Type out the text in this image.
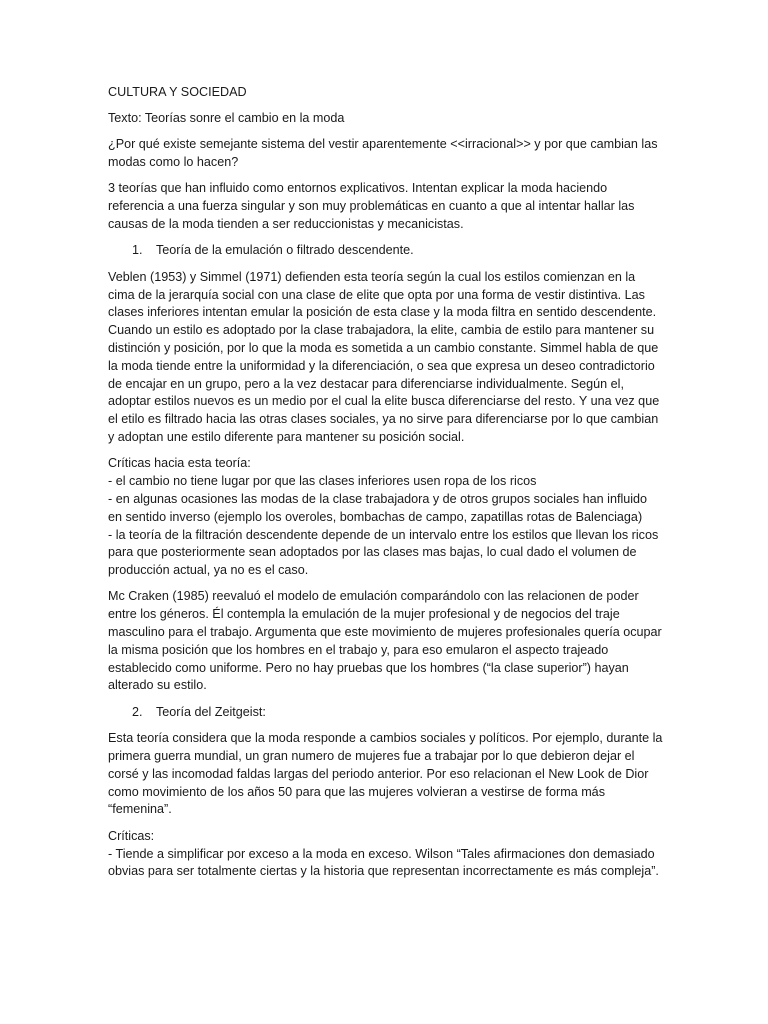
CULTURA Y SOCIEDAD

Texto: Teorías sonre el cambio en la moda

¿Por qué existe semejante sistema del vestir aparentemente <<irracional>> y por que cambian las modas como lo hacen?

3 teorías que han influido como entornos explicativos. Intentan explicar la moda haciendo referencia a una fuerza singular y son muy problemáticas en cuanto a que al intentar hallar las causas de la moda tienden a ser reduccionistas y mecanicistas.

1.	Teoría de la emulación o filtrado descendente.

Veblen (1953) y Simmel (1971) defienden esta teoría según la cual los estilos comienzan en la cima de la jerarquía social con una clase de elite que opta por una forma de vestir distintiva. Las clases inferiores intentan emular la posición de esta clase y la moda filtra en sentido descendente. Cuando un estilo es adoptado por la clase trabajadora, la elite, cambia de estilo para mantener su distinción y posición, por lo que la moda es sometida a un cambio constante. Simmel habla de que la moda tiende entre la uniformidad y la diferenciación, o sea que expresa un deseo contradictorio de encajar en un grupo, pero a la vez destacar para diferenciarse individualmente. Según el, adoptar estilos nuevos es un medio por el cual la elite busca diferenciarse del resto. Y una vez que el etilo es filtrado hacia las otras clases sociales, ya no sirve para diferenciarse por lo que cambian y adoptan une estilo diferente para mantener su posición social.

Críticas hacia esta teoría:
- el cambio no tiene lugar por que las clases inferiores usen ropa de los ricos
- en algunas ocasiones las modas de la clase trabajadora y de otros grupos sociales han influido en sentido inverso (ejemplo los overoles, bombachas de campo, zapatillas rotas de Balenciaga)
- la teoría de la filtración descendente depende de un intervalo entre los estilos que llevan los ricos para que posteriormente sean adoptados por las clases mas bajas, lo cual dado el volumen de producción actual, ya no es el caso.

Mc Craken (1985) reevaluó el modelo de emulación comparándolo con las relacionen de poder entre los géneros. Él contempla la emulación de la mujer profesional y de negocios del traje masculino para el trabajo. Argumenta que este movimiento de mujeres profesionales quería ocupar la misma posición que los hombres en el trabajo y, para eso emularon el aspecto trajeado establecido como uniforme. Pero no hay pruebas que los hombres (“la clase superior”) hayan alterado su estilo.

2.	Teoría del Zeitgeist:

Esta teoría considera que la moda responde a cambios sociales y políticos. Por ejemplo, durante la primera guerra mundial, un gran numero de mujeres fue a trabajar por lo que debieron dejar el corsé y las incomodad faldas largas del periodo anterior. Por eso relacionan el New Look de Dior como movimiento de los años 50 para que las mujeres volvieran a vestirse de forma más “femenina”.

Críticas:
- Tiende a simplificar por exceso a la moda en exceso. Wilson “Tales afirmaciones don demasiado obvias para ser totalmente ciertas y la historia que representan incorrectamente es más compleja”.
